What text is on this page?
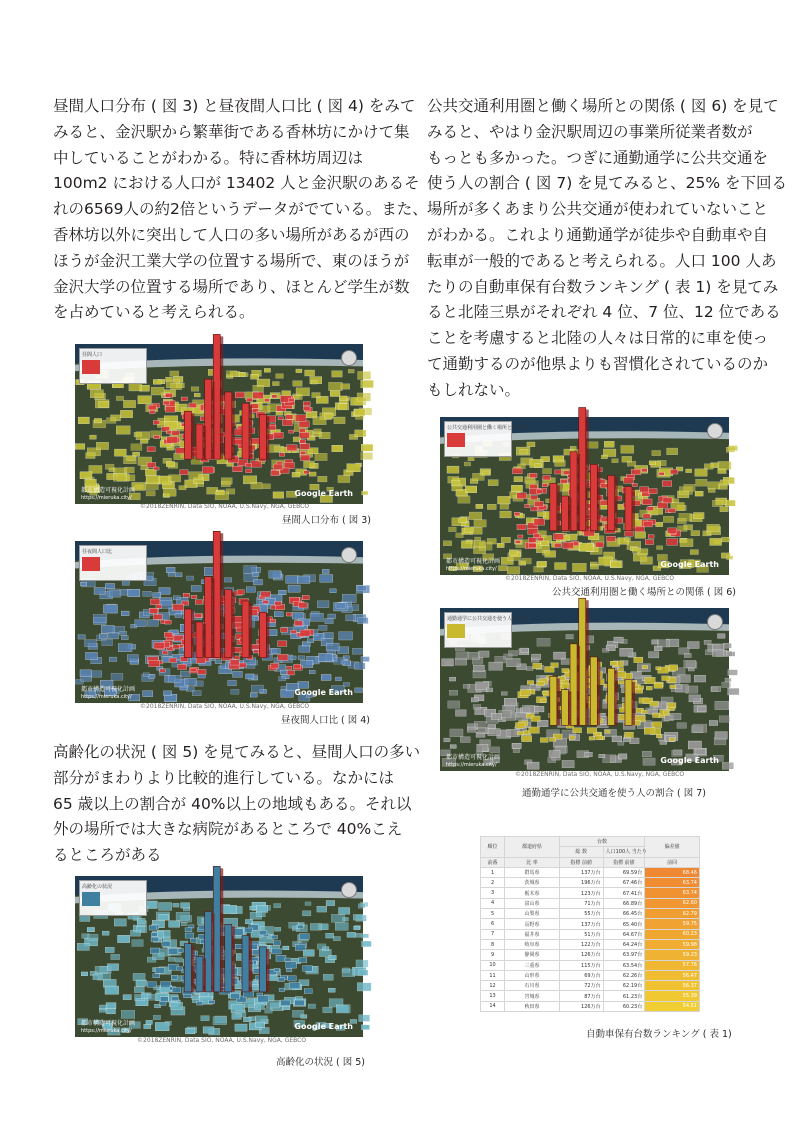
昼間人口分布 ( 図 3) と昼夜間人口比 ( 図 4) をみて
みると、金沢駅から繁華街である香林坊にかけて集
中していることがわかる。特に香林坊周辺は
100m2 における人口が 13402 人と金沢駅のあるそ
れの6569人の約2倍というデータがでている。また、
香林坊以外に突出して人口の多い場所があるが西の
ほうが金沢工業大学の位置する場所で、東のほうが
金沢大学の位置する場所であり、ほとんど学生が数
を占めていると考えられる。
公共交通利用圏と働く場所との関係 ( 図 6) を見て
みると、やはり金沢駅周辺の事業所従業者数が
もっとも多かった。つぎに通勤通学に公共交通を
使う人の割合 ( 図 7) を見てみると、25% を下回る
場所が多くあまり公共交通が使われていないこと
がわかる。これより通勤通学が徒歩や自動車や自
転車が一般的であると考えられる。人口 100 人あ
たりの自動車保有台数ランキング ( 表 1) を見てみ
ると北陸三県がそれぞれ 4 位、7 位、12 位である
ことを考慮すると北陸の人々は日常的に車を使っ
て通勤するのが他県よりも習慣化されているのか
もしれない。
高齢化の状況 ( 図 5) を見てみると、昼間人口の多い
部分がまわりより比較的進行している。なかには
65 歳以上の割合が 40%以上の地域もある。それ以
外の場所では大きな病院があるところで 40%こえ
るところがある
昼間人口
Google Earth
都市構造可視化計画
https://mieruka.city/
©2018ZENRIN, Data SIO, NOAA, U.S.Navy, NGA, GEBCO
昼間人口分布 ( 図 3)
昼夜間人口比
Google Earth
都市構造可視化計画
https://mieruka.city/
©2018ZENRIN, Data SIO, NOAA, U.S.Navy, NGA, GEBCO
昼夜間人口比 ( 図 4)
高齢化の状況
Google Earth
都市構造可視化計画
https://mieruka.city/
©2018ZENRIN, Data SIO, NOAA, U.S.Navy, NGA, GEBCO
高齢化の状況 ( 図 5)
公共交通利用圏と働く場所との関係
Google Earth
都市構造可視化計画
https://mieruka.city/
©2018ZENRIN, Data SIO, NOAA, U.S.Navy, NGA, GEBCO
公共交通利用圏と働く場所との関係 ( 図 6)
通勤通学に公共交通を使う人の割合
Google Earth
都市構造可視化計画
https://mieruka.city/
©2018ZENRIN, Data SIO, NOAA, U.S.Navy, NGA, GEBCO
通勤通学に公共交通を使う人の割合 ( 図 7)
順位	都道府県	台数		偏差値
		総 数	人口100人 当たり	
前番	比 率	指標 前値	指標 前値	前回
1	群馬県	137万台	69.59台	68.46
2	茨城県	196万台	67.46台	63.74
3	栃木県	123万台	67.41台	63.74
4	富山県	71万台	66.89台	62.60
5	山梨県	55万台	66.45台	62.79
6	長野県	137万台	65.40台	59.75
7	福井県	51万台	64.67台	60.23
8	岐阜県	122万台	64.24台	59.98
9	静岡県	126万台	63.97台	59.23
10	三重県	115万台	63.54台	57.76
11	山形県	69万台	62.26台	56.47
12	石川県	72万台	62.19台	56.37
13	宮城県	87万台	61.23台	55.39
14	秋田県	126万台	60.23台	54.51
自動車保有台数ランキング ( 表 1)
